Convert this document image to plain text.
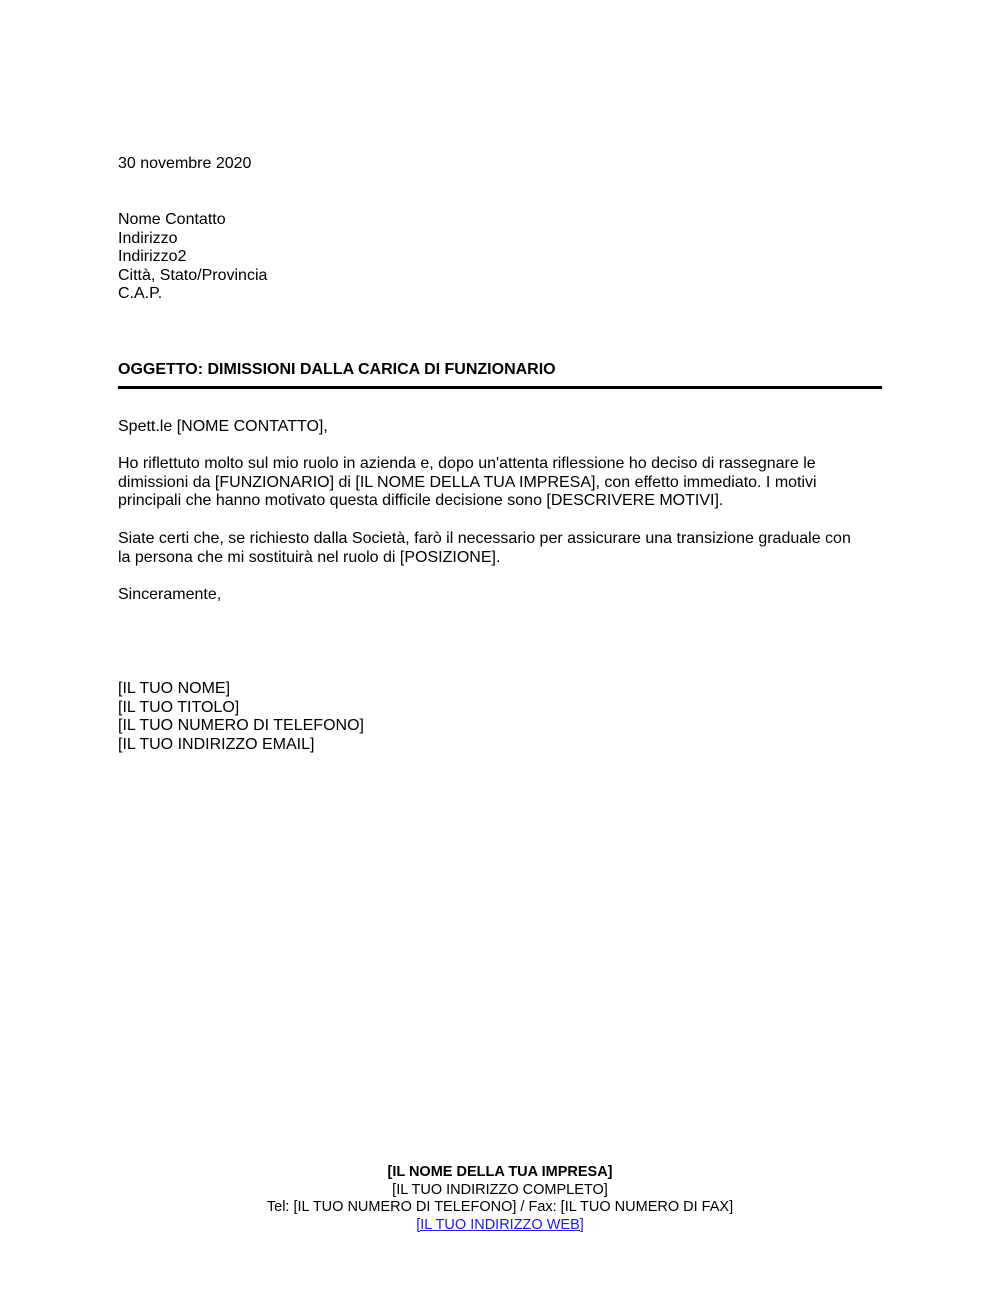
30 novembre 2020
Nome Contatto
Indirizzo
Indirizzo2
Città, Stato/Provincia
C.A.P.
OGGETTO: DIMISSIONI DALLA CARICA DI FUNZIONARIO
Spett.le [NOME CONTATTO],
Ho riflettuto molto sul mio ruolo in azienda e, dopo un'attenta riflessione ho deciso di rassegnare le
dimissioni da [FUNZIONARIO] di [IL NOME DELLA TUA IMPRESA], con effetto immediato. I motivi
principali che hanno motivato questa difficile decisione sono [DESCRIVERE MOTIVI].
Siate certi che, se richiesto dalla Società, farò il necessario per assicurare una transizione graduale con
la persona che mi sostituirà nel ruolo di [POSIZIONE].
Sinceramente,
[IL TUO NOME]
[IL TUO TITOLO]
[IL TUO NUMERO DI TELEFONO]
[IL TUO INDIRIZZO EMAIL]
[IL NOME DELLA TUA IMPRESA]
[IL TUO INDIRIZZO COMPLETO]
Tel: [IL TUO NUMERO DI TELEFONO] / Fax: [IL TUO NUMERO DI FAX]
[IL TUO INDIRIZZO WEB]
